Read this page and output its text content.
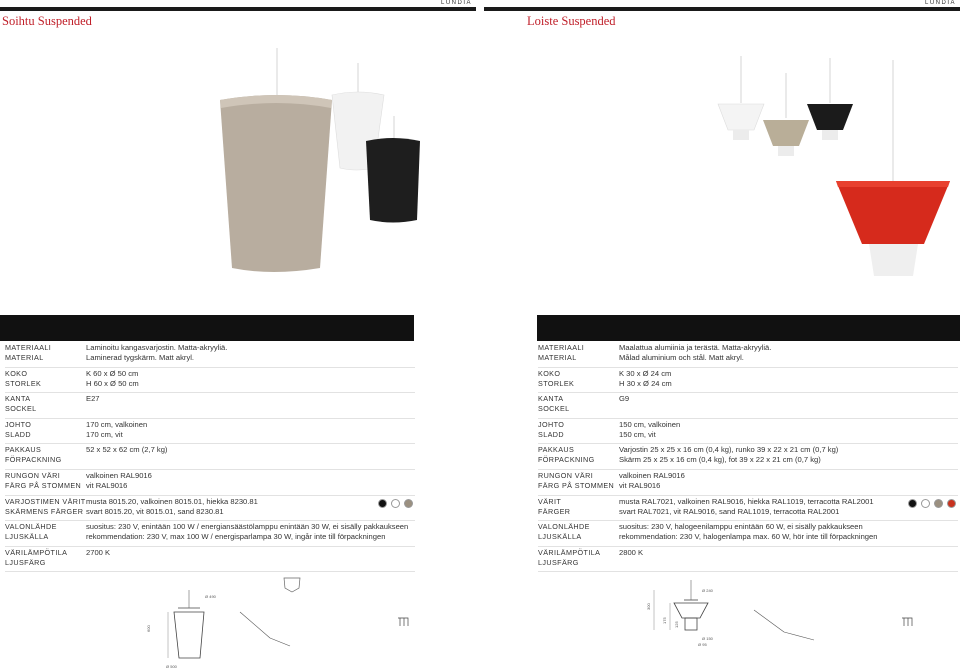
LUNDIA
Soihtu Suspended
MATERIAALI
MATERIAL
Laminoitu kangasvarjostin. Matta-akryyliä.
Laminerad tygskärm. Matt akryl.
KOKO
STORLEK
K 60 x Ø 50 cm
H 60 x Ø 50 cm
KANTA
SOCKEL
E27
JOHTO
SLADD
170 cm, valkoinen
170 cm, vit
PAKKAUS
FÖRPACKNING
52 x 52 x 62 cm (2,7 kg)
RUNGON VÄRI
FÄRG PÅ STOMMEN
valkoinen RAL9016
vit RAL9016
VARJOSTIMEN VÄRIT
SKÄRMENS FÄRGER
musta 8015.20, valkoinen 8015.01, hiekka 8230.81
svart 8015.20, vit 8015.01, sand 8230.81
VALONLÄHDE
LJUSKÄLLA
suositus: 230 V, enintään 100 W / energiansäästölamppu enintään 30 W, ei sisälly pakkaukseen
rekommendation: 230 V, max 100 W / energisparlampa 30 W, ingår inte till förpackningen
VÄRILÄMPÖTILA
LJUSFÄRG
2700 K
Ø 490
600
Ø 500
LUNDIA
Loiste Suspended
MATERIAALI
MATERIAL
Maalattua alumiinia ja terästä. Matta-akryyliä.
Målad aluminium och stål. Matt akryl.
KOKO
STORLEK
K 30 x Ø 24 cm
H 30 x Ø 24 cm
KANTA
SOCKEL
G9
JOHTO
SLADD
150 cm, valkoinen
150 cm, vit
PAKKAUS
FÖRPACKNING
Varjostin 25 x 25 x 16 cm (0,4 kg), runko 39 x 22 x 21 cm (0,7 kg)
Skärm 25 x 25 x 16 cm (0,4 kg), fot 39 x 22 x 21 cm (0,7 kg)
RUNGON VÄRI
FÄRG PÅ STOMMEN
valkoinen RAL9016
vit RAL9016
VÄRIT
FÄRGER
musta RAL7021, valkoinen RAL9016, hiekka RAL1019, terracotta RAL2001
svart RAL7021, vit RAL9016, sand RAL1019, terracotta RAL2001
VALONLÄHDE
LJUSKÄLLA
suositus: 230 V, halogeenilamppu enintään 60 W, ei sisälly pakkaukseen
rekommendation: 230 V, halogenlampa max. 60 W, hör inte till förpackningen
VÄRILÄMPÖTILA
LJUSFÄRG
2800 K
Ø 240
300
175
125
Ø 150
Ø 95
